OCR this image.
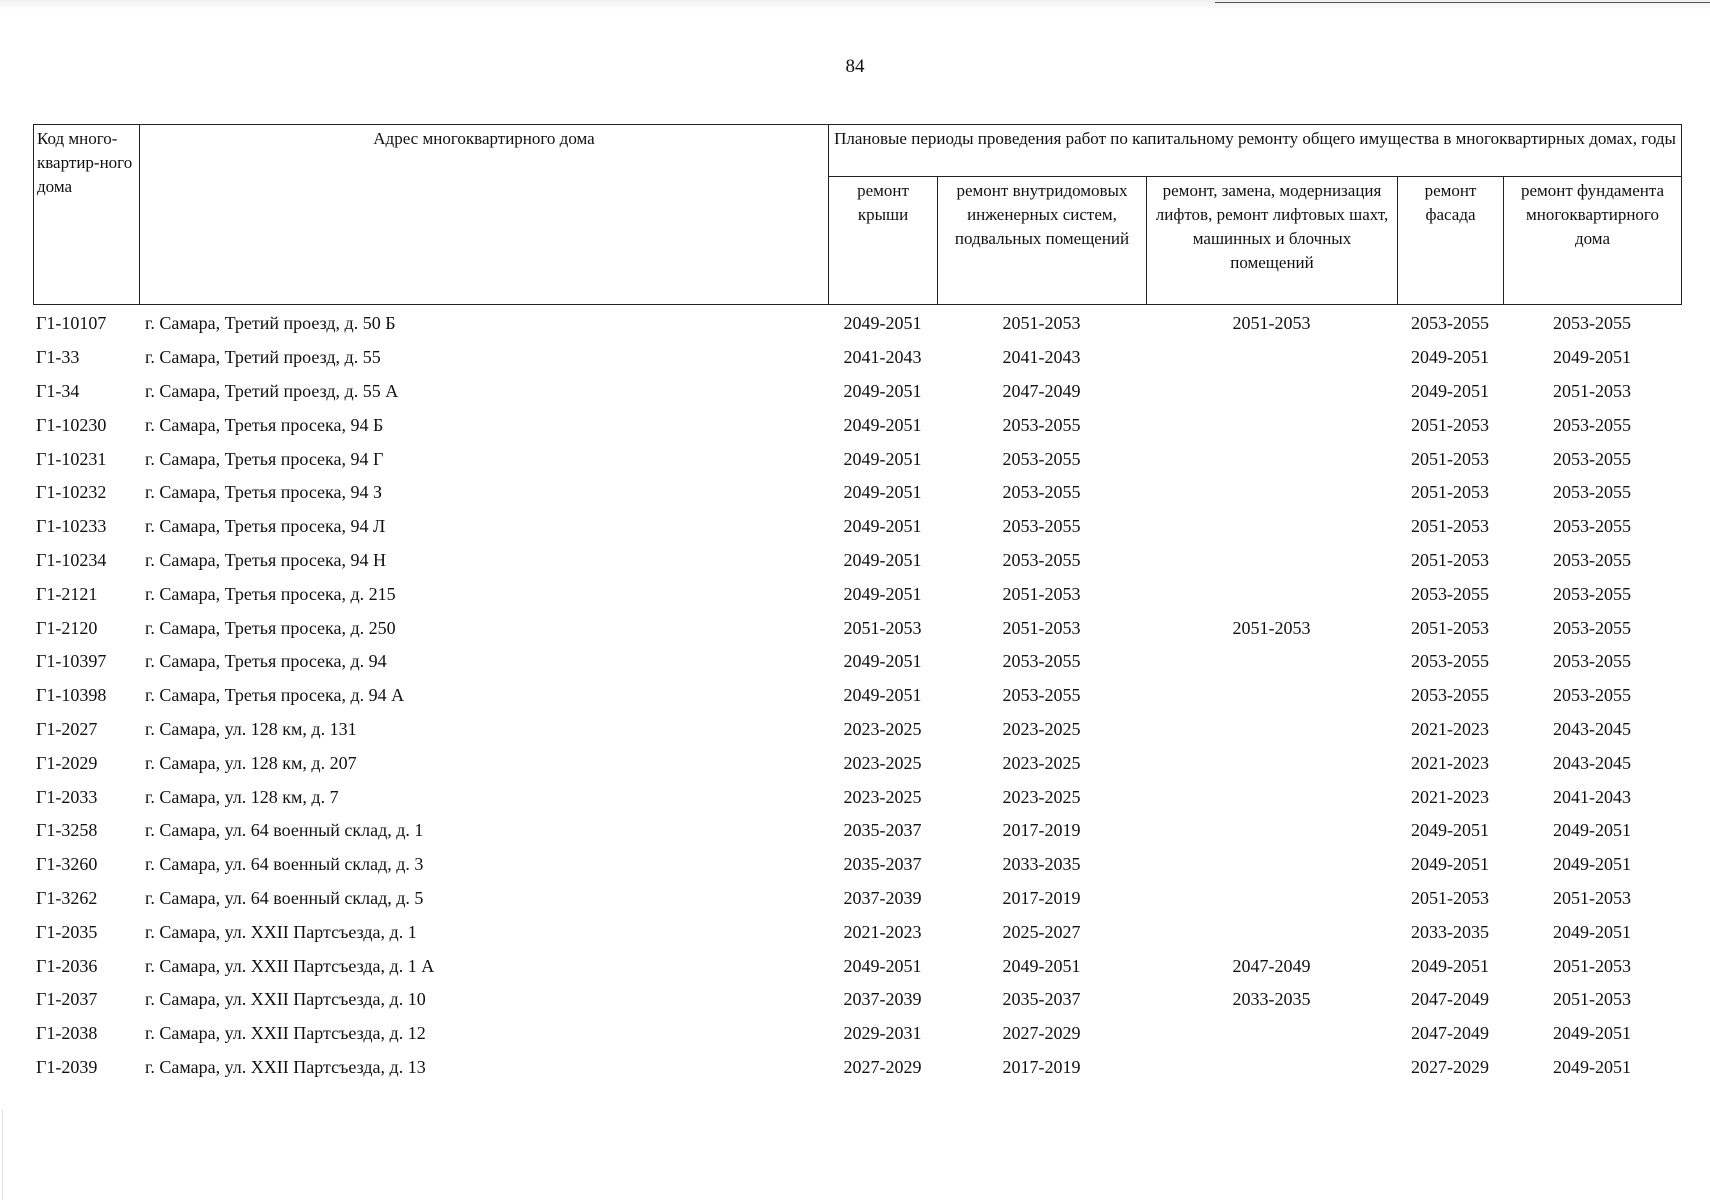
84
Код много-квартир-ного дома	Адрес многоквартирного дома	Плановые периоды проведения работ по капитальному ремонту общего имущества в многоквартирных домах, годы				
		ремонт крыши	ремонт внутридомовых инженерных систем, подвальных помещений	ремонт, замена, модернизация лифтов, ремонт лифтовых шахт, машинных и блочных помещений	ремонт фасада	ремонт фундамента многоквартирного дома
Г1-10107	г. Самара, Третий проезд, д. 50 Б	2049-2051	2051-2053	2051-2053	2053-2055	2053-2055
Г1-33	г. Самара, Третий проезд, д. 55	2041-2043	2041-2043		2049-2051	2049-2051
Г1-34	г. Самара, Третий проезд, д. 55 А	2049-2051	2047-2049		2049-2051	2051-2053
Г1-10230	г. Самара, Третья просека, 94 Б	2049-2051	2053-2055		2051-2053	2053-2055
Г1-10231	г. Самара, Третья просека, 94 Г	2049-2051	2053-2055		2051-2053	2053-2055
Г1-10232	г. Самара, Третья просека, 94 З	2049-2051	2053-2055		2051-2053	2053-2055
Г1-10233	г. Самара, Третья просека, 94 Л	2049-2051	2053-2055		2051-2053	2053-2055
Г1-10234	г. Самара, Третья просека, 94 Н	2049-2051	2053-2055		2051-2053	2053-2055
Г1-2121	г. Самара, Третья просека, д. 215	2049-2051	2051-2053		2053-2055	2053-2055
Г1-2120	г. Самара, Третья просека, д. 250	2051-2053	2051-2053	2051-2053	2051-2053	2053-2055
Г1-10397	г. Самара, Третья просека, д. 94	2049-2051	2053-2055		2053-2055	2053-2055
Г1-10398	г. Самара, Третья просека, д. 94 А	2049-2051	2053-2055		2053-2055	2053-2055
Г1-2027	г. Самара, ул. 128 км, д. 131	2023-2025	2023-2025		2021-2023	2043-2045
Г1-2029	г. Самара, ул. 128 км, д. 207	2023-2025	2023-2025		2021-2023	2043-2045
Г1-2033	г. Самара, ул. 128 км, д. 7	2023-2025	2023-2025		2021-2023	2041-2043
Г1-3258	г. Самара, ул. 64 военный склад, д. 1	2035-2037	2017-2019		2049-2051	2049-2051
Г1-3260	г. Самара, ул. 64 военный склад, д. 3	2035-2037	2033-2035		2049-2051	2049-2051
Г1-3262	г. Самара, ул. 64 военный склад, д. 5	2037-2039	2017-2019		2051-2053	2051-2053
Г1-2035	г. Самара, ул. XXII Партсъезда, д. 1	2021-2023	2025-2027		2033-2035	2049-2051
Г1-2036	г. Самара, ул. XXII Партсъезда, д. 1 А	2049-2051	2049-2051	2047-2049	2049-2051	2051-2053
Г1-2037	г. Самара, ул. XXII Партсъезда, д. 10	2037-2039	2035-2037	2033-2035	2047-2049	2051-2053
Г1-2038	г. Самара, ул. XXII Партсъезда, д. 12	2029-2031	2027-2029		2047-2049	2049-2051
Г1-2039	г. Самара, ул. XXII Партсъезда, д. 13	2027-2029	2017-2019		2027-2029	2049-2051
